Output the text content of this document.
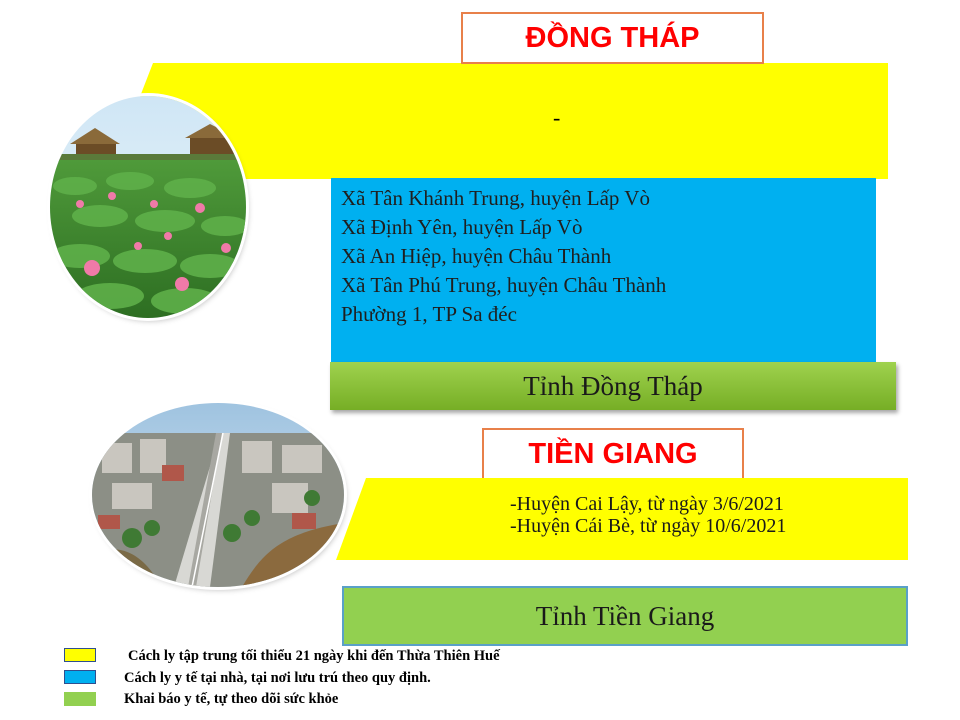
-
ĐỒNG THÁP
Xã Tân Khánh Trung, huyện Lấp Vò
Xã Định Yên, huyện Lấp Vò
Xã An Hiệp, huyện Châu Thành
Xã Tân Phú Trung, huyện Châu Thành
Phường 1, TP Sa đéc
Tỉnh Đồng Tháp
TIỀN GIANG
-Huyện Cai Lậy, từ ngày 3/6/2021
-Huyện Cái Bè, từ ngày 10/6/2021
Tỉnh Tiền Giang
Cách ly tập trung tối thiểu 21 ngày khi đến Thừa Thiên Huế
Cách ly y tế tại nhà, tại nơi lưu trú theo quy định.
Khai báo y tế, tự theo dõi sức khỏe
